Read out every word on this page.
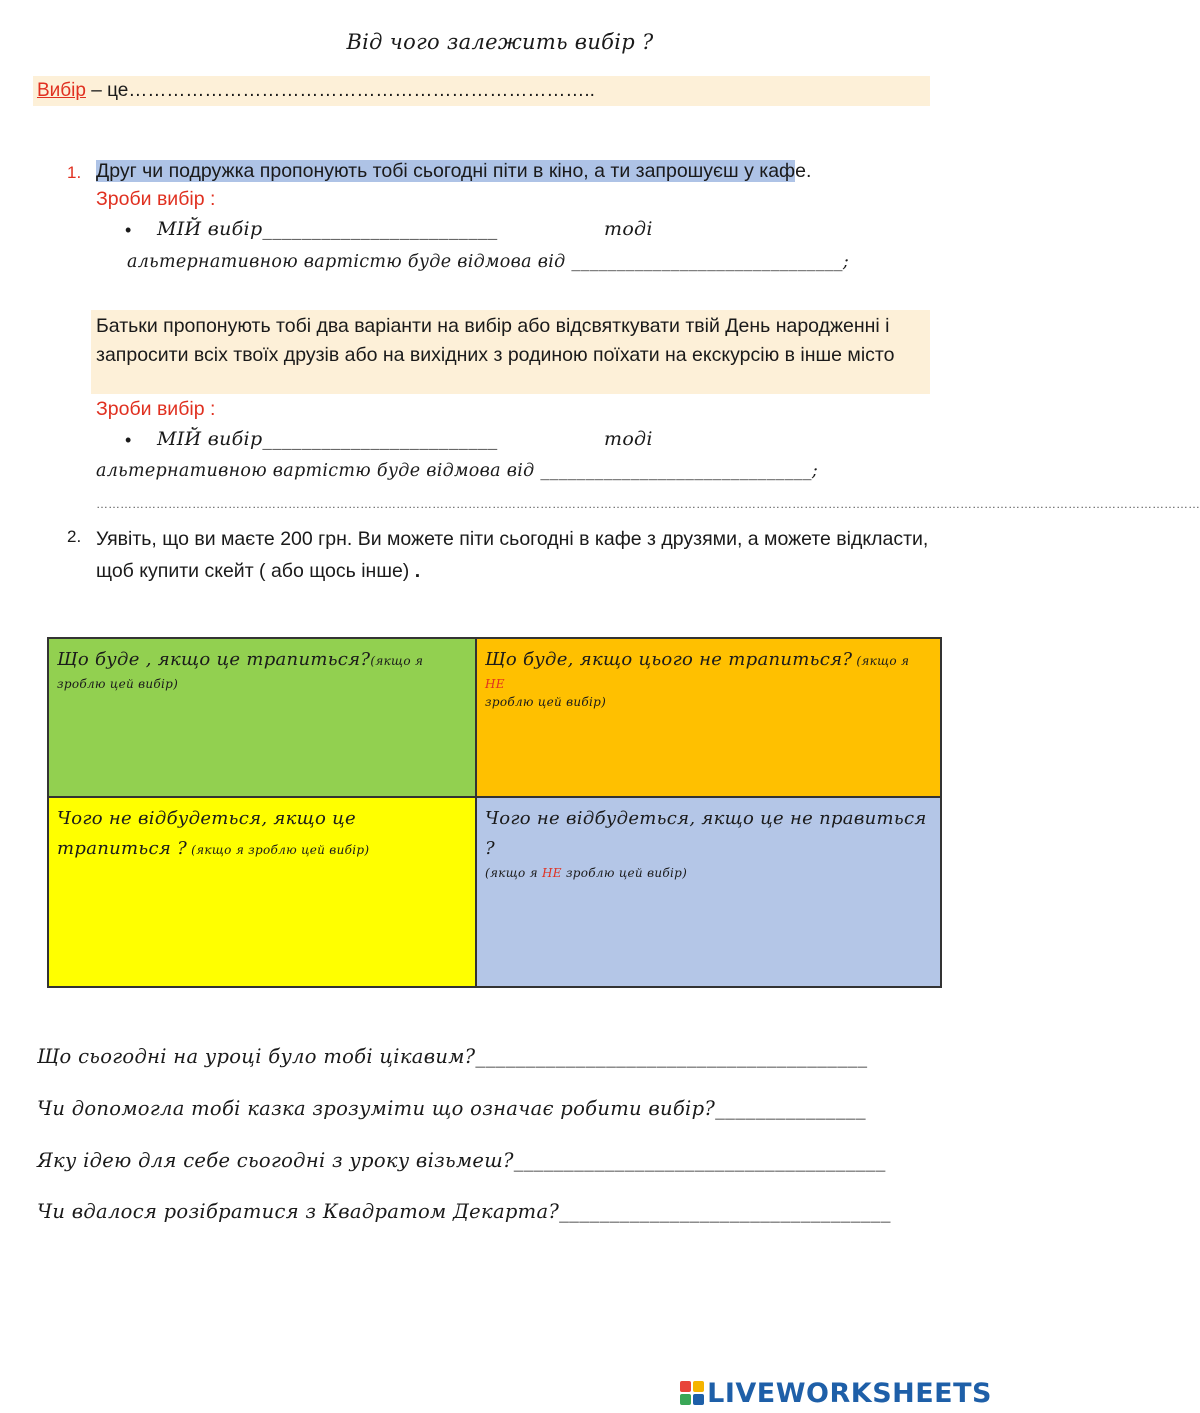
Від чого залежить вибір ?
Вибір – це………………………………………………………………..
1. Друг чи подружка пропонують тобі сьогодні піти в кіно, а ти запрошуєш у кафе.
Зроби вибір :
• МІЙ вибір________________________	тоді
альтернативною вартістю буде відмова від ______________________________;
Батьки пропонують тобі два варіанти на вибір або відсвяткувати твій День народженні і запросити всіх твоїх друзів або на вихідних з родиною поїхати на екскурсію в інше місто
Зроби вибір :
• МІЙ вибір________________________	тоді
альтернативною вартістю буде відмова від ______________________________;
……………………………………………………………………………………………………………………………………………………………………………………………………………………………………………………
2. Уявіть, що ви маєте 200 грн. Ви можете піти сьогодні в кафе з друзями, а можете відкласти, щоб купити скейт ( або щось інше) .
Що буде , якщо це трапиться?(якщо я зроблю цей вибір)
Що буде, якщо цього не трапиться? (якщо я НЕ
зроблю цей вибір)
Чого не відбудеться, якщо це трапиться ? (якщо я зроблю цей вибір)
Чого не відбудеться, якщо це не правиться ?
(якщо я НЕ зроблю цей вибір)
Що сьогодні на уроці було тобі цікавим?_______________________________________
Чи допомогла тобі казка зрозуміти що означає робити вибір?_______________
Яку ідею для себе сьогодні з уроку візьмеш?_____________________________________
Чи вдалося розібратися з Квадратом Декарта?_________________________________
LIVEWORKSHEETS
